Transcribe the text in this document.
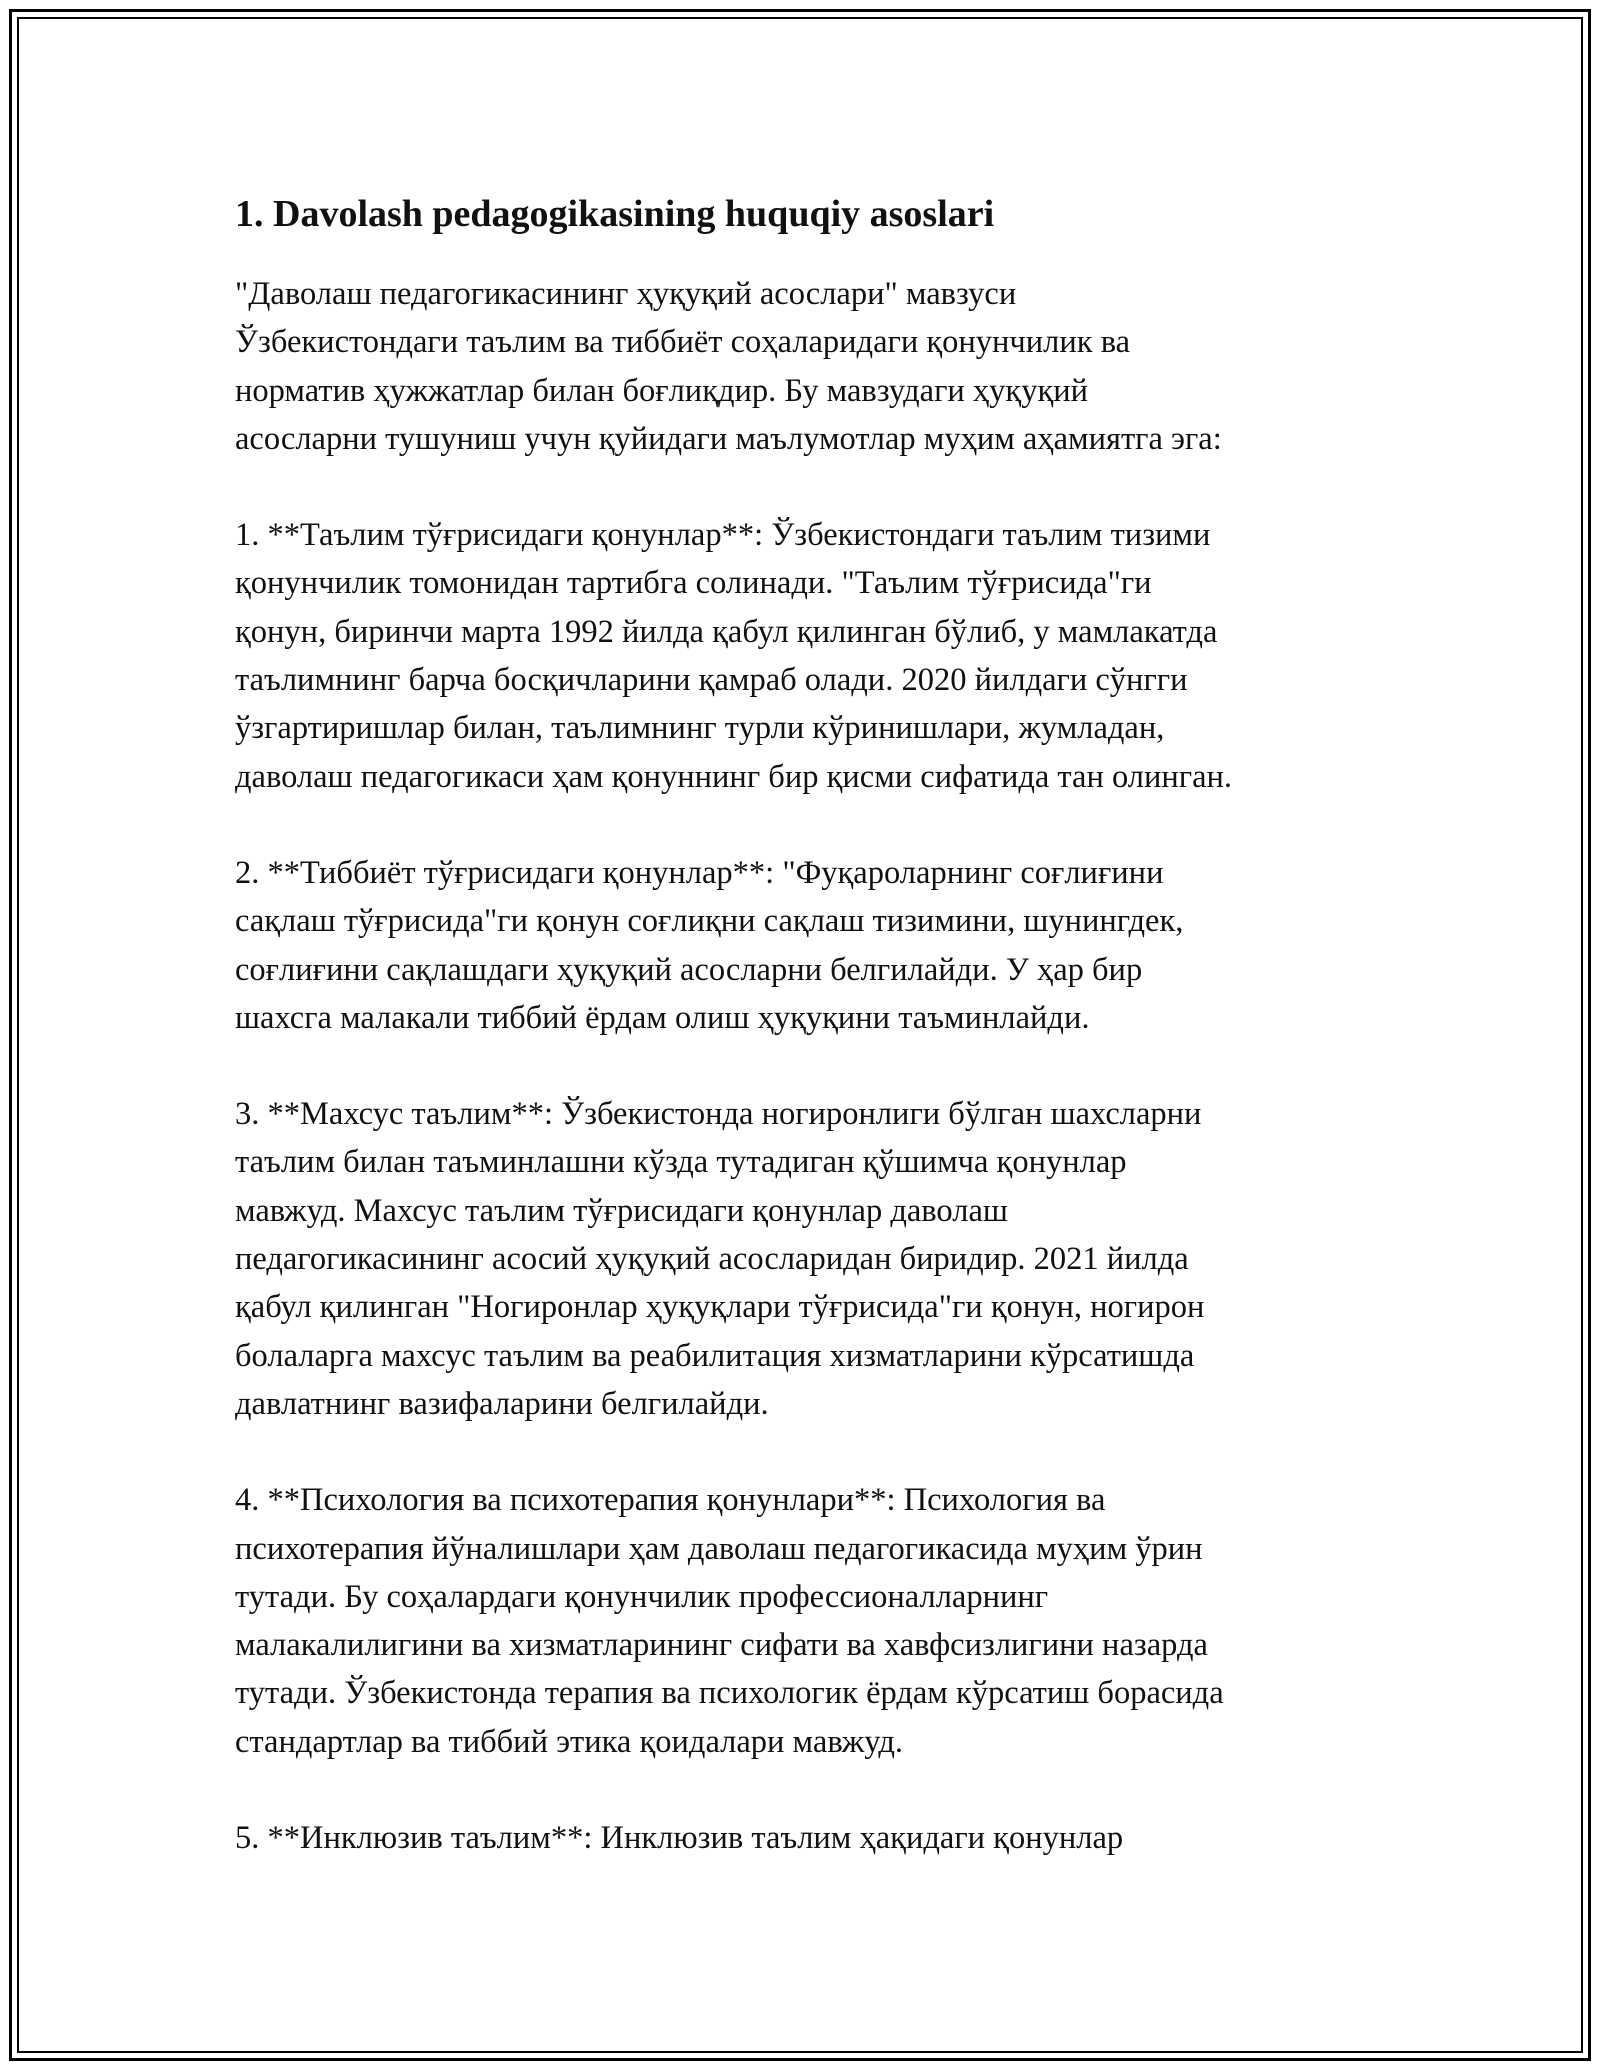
1. Davolash pedagogikasining huquqiy asoslari

"Даволаш педагогикасининг ҳуқуқий асослари" мавзуси
Ўзбекистондаги таълим ва тиббиёт соҳаларидаги қонунчилик ва
норматив ҳужжатлар билан боғлиқдир. Бу мавзудаги ҳуқуқий
асосларни тушуниш учун қуйидаги маълумотлар муҳим аҳамиятга эга:

1. **Таълим тўғрисидаги қонунлар**: Ўзбекистондаги таълим тизими
қонунчилик томонидан тартибга солинади. "Таълим тўғрисида"ги
қонун, биринчи марта 1992 йилда қабул қилинган бўлиб, у мамлакатда
таълимнинг барча босқичларини қамраб олади. 2020 йилдаги сўнгги
ўзгартиришлар билан, таълимнинг турли кўринишлари, жумладан,
даволаш педагогикаси ҳам қонуннинг бир қисми сифатида тан олинган.

2. **Тиббиёт тўғрисидаги қонунлар**: "Фуқароларнинг соғлиғини
сақлаш тўғрисида"ги қонун соғлиқни сақлаш тизимини, шунингдек,
соғлиғини сақлашдаги ҳуқуқий асосларни белгилайди. У ҳар бир
шахсга малакали тиббий ёрдам олиш ҳуқуқини таъминлайди.

3. **Махсус таълим**: Ўзбекистонда ногиронлиги бўлган шахсларни
таълим билан таъминлашни кўзда тутадиган қўшимча қонунлар
мавжуд. Махсус таълим тўғрисидаги қонунлар даволаш
педагогикасининг асосий ҳуқуқий асосларидан биридир. 2021 йилда
қабул қилинган "Ногиронлар ҳуқуқлари тўғрисида"ги қонун, ногирон
болаларга махсус таълим ва реабилитация хизматларини кўрсатишда
давлатнинг вазифаларини белгилайди.

4. **Психология ва психотерапия қонунлари**: Психология ва
психотерапия йўналишлари ҳам даволаш педагогикасида муҳим ўрин
тутади. Бу соҳалардаги қонунчилик профессионалларнинг
малакалилигини ва хизматларининг сифати ва хавфсизлигини назарда
тутади. Ўзбекистонда терапия ва психологик ёрдам кўрсатиш борасида
стандартлар ва тиббий этика қоидалари мавжуд.

5. **Инклюзив таълим**: Инклюзив таълим ҳақидаги қонунлар
